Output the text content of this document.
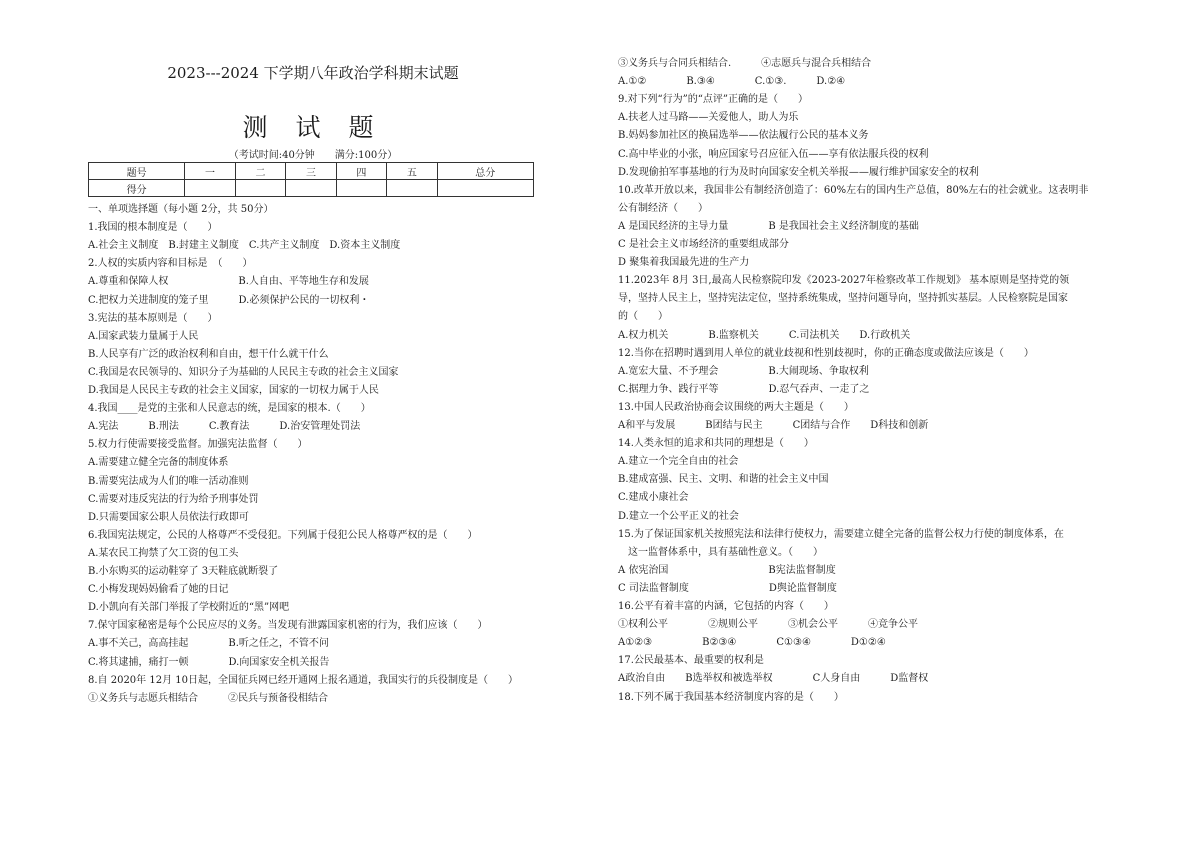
2023---2024 下学期八年政治学科期末试题
测 试 题
（考试时间:40分钟　　满分:100分）
题号	一	二	三	四	五	总分
得分						
一、单项选择题（每小题 2分，共 50分）
1.我国的根本制度是（　　）
A.社会主义制度　B.封建主义制度　C.共产主义制度　D.资本主义制度
2.人权的实质内容和目标是　（　　）
A.尊重和保障人权　　　　　　　B.人自由、平等地生存和发展
C.把权力关进制度的笼子里　　　D.必须保护公民的一切权利・
3.宪法的基本原则是（　　）
A.国家武装力量属于人民
B.人民享有广泛的政治权利和自由，想干什么就干什么
C.我国是农民领导的、知识分子为基础的人民民主专政的社会主义国家
D.我国是人民民主专政的社会主义国家，国家的一切权力属于人民
4.我国____是党的主张和人民意志的统，是国家的根本.（　　）
A.宪法　　　B.刑法　　　C.教育法　　　D.治安管理处罚法
5.权力行使需要接受监督。加强宪法监督（　　）
A.需要建立健全完备的制度体系
B.需要宪法成为人们的唯一活动准则
C.需要对违反宪法的行为给予刑事处罚
D.只需要国家公职人员依法行政即可
6.我国宪法规定，公民的人格尊严不受侵犯。下列属于侵犯公民人格尊严权的是（　　）
A.某农民工拘禁了欠工资的包工头
B.小东购买的运动鞋穿了 3天鞋底就断裂了
C.小梅发现妈妈偷看了她的日记
D.小凯向有关部门举报了学校附近的“黑”网吧
7.保守国家秘密是每个公民应尽的义务。当发现有泄露国家机密的行为，我们应该（　　）
A.事不关己，高高挂起　　　　B.听之任之，不管不问
C.将其逮捕，痛打一顿　　　　D.向国家安全机关报告
8.自 2020年 12月 10日起，全国征兵网已经开通网上报名通道，我国实行的兵役制度是（　　）
①义务兵与志愿兵相结合　　　②民兵与预备役相结合
③义务兵与合同兵相结合.　　　④志愿兵与混合兵相结合
A.①②　　　　B.③④　　　　C.①③.　　　D.②④
9.对下列“行为”的“点评”正确的是（　　）
A.扶老人过马路——关爱他人，助人为乐
B.妈妈参加社区的换届选举——依法履行公民的基本义务
C.高中毕业的小张，响应国家号召应征入伍——享有依法服兵役的权利
D.发现偷拍军事基地的行为及时向国家安全机关举报——履行维护国家安全的权利
10.改革开放以来，我国非公有制经济创造了：60%左右的国内生产总值，80%左右的社会就业。这表明非
公有制经济（　　）
A 是国民经济的主导力量　　　　B 是我国社会主义经济制度的基础
C 是社会主义市场经济的重要组成部分
D 聚集着我国最先进的生产力
11.2023年 8月 3日,最高人民检察院印发《2023-2027年检察改革工作规划》 基本原则是坚持党的领
导，坚持人民主上，坚持宪法定位，坚持系统集成，坚持问题导向，坚持抓实基层。人民检察院是国家
的（　　）
A.权力机关　　　　B.监察机关　　　C.司法机关　　D.行政机关
12.当你在招聘时遇到用人单位的就业歧视和性别歧视时，你的正确态度或做法应该是（　　）
A.宽宏大量、不予理会　　　　　B.大闹现场、争取权利
C.据理力争、践行平等　　　　　D.忍气吞声、一走了之
13.中国人民政治协商会议围绕的两大主题是（　　）
A和平与发展　　　B团结与民主　　　C团结与合作　　D科技和创新
14.人类永恒的追求和共同的理想是（　　）
A.建立一个完全自由的社会
B.建成富强、民主、文明、和谐的社会主义中国
C.建成小康社会
D.建立一个公平正义的社会
15.为了保证国家机关按照宪法和法律行使权力，需要建立健全完备的监督公权力行使的制度体系，在
　这一监督体系中，具有基础性意义。（　　）
A 依宪治国　　　　　　　　　　B宪法监督制度
C 司法监督制度　　　　　　　　D舆论监督制度
16.公平有着丰富的内涵，它包括的内容（　　）
①权利公平　　　　②规则公平　　　③机会公平　　　④竞争公平
A①②③　　　　　B②③④　　　　C①③④　　　　D①②④
17.公民最基本、最重要的权利是
A政治自由　　B选举权和被选举权　　　　C人身自由　　　D监督权
18.下列不属于我国基本经济制度内容的是（　　）
